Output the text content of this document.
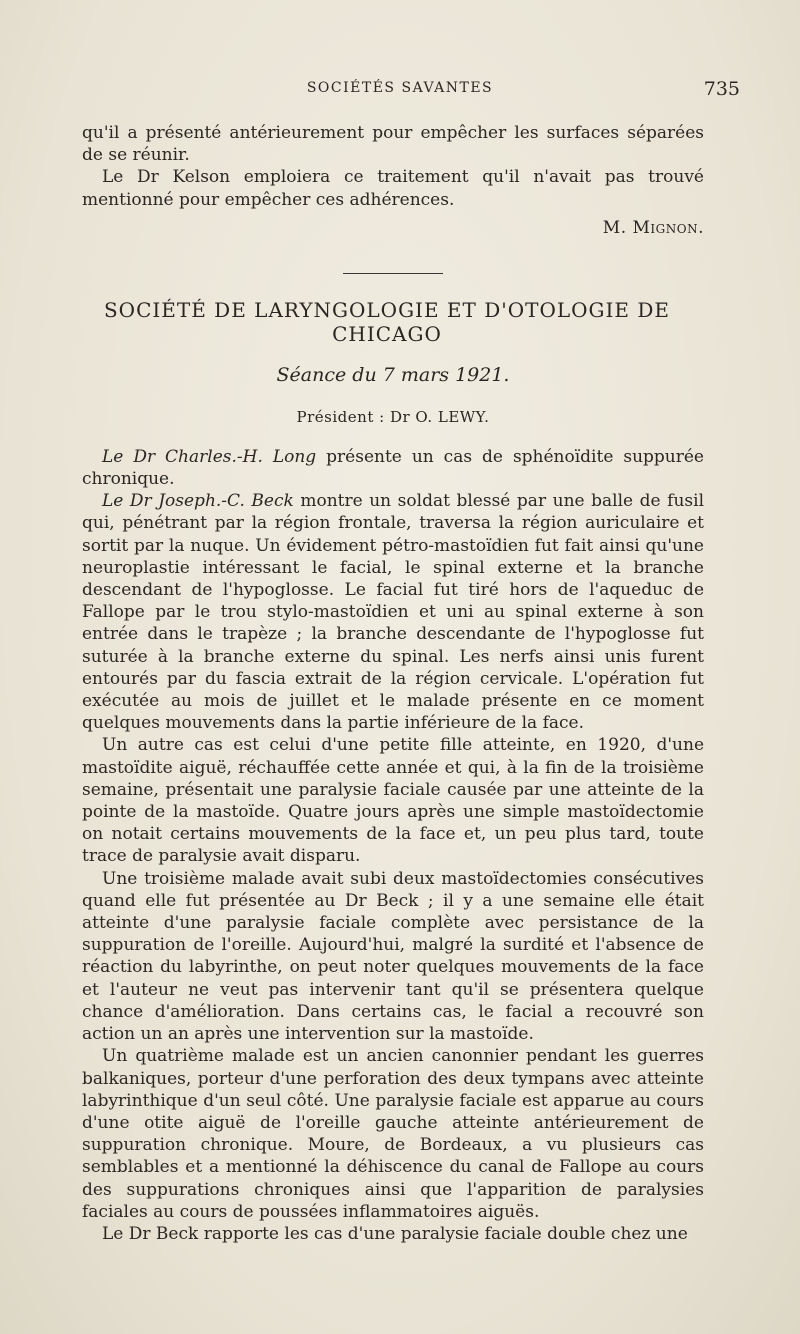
SOCIÉTÉS SAVANTES	735

qu'il a présenté antérieurement pour empêcher les surfaces séparées de se réunir.

Le Dr Kelson emploiera ce traitement qu'il n'avait pas trouvé mentionné pour empêcher ces adhérences.

M. Mignon.
SOCIÉTÉ DE LARYNGOLOGIE ET D'OTOLOGIE DE CHICAGO
Séance du 7 mars 1921.
Président : Dr O. LEWY.

Le Dr Charles.-H. Long présente un cas de sphénoïdite suppurée chronique.

Le Dr Joseph.-C. Beck montre un soldat blessé par une balle de fusil qui, pénétrant par la région frontale, traversa la région auriculaire et sortit par la nuque. Un évidement pétro-mastoïdien fut fait ainsi qu'une neuroplastie intéressant le facial, le spinal externe et la branche descendant de l'hypoglosse. Le facial fut tiré hors de l'aqueduc de Fallope par le trou stylo-mastoïdien et uni au spinal externe à son entrée dans le trapèze ; la branche descendante de l'hypoglosse fut suturée à la branche externe du spinal. Les nerfs ainsi unis furent entourés par du fascia extrait de la région cervicale. L'opération fut exécutée au mois de juillet et le malade présente en ce moment quelques mouvements dans la partie inférieure de la face.

Un autre cas est celui d'une petite fille atteinte, en 1920, d'une mastoïdite aiguë, réchauffée cette année et qui, à la fin de la troisième semaine, présentait une paralysie faciale causée par une atteinte de la pointe de la mastoïde. Quatre jours après une simple mastoïdectomie on notait certains mouvements de la face et, un peu plus tard, toute trace de paralysie avait disparu.

Une troisième malade avait subi deux mastoïdectomies consécutives quand elle fut présentée au Dr Beck ; il y a une semaine elle était atteinte d'une paralysie faciale complète avec persistance de la suppuration de l'oreille. Aujourd'hui, malgré la surdité et l'absence de réaction du labyrinthe, on peut noter quelques mouvements de la face et l'auteur ne veut pas intervenir tant qu'il se présentera quelque chance d'amélioration. Dans certains cas, le facial a recouvré son action un an après une intervention sur la mastoïde.

Un quatrième malade est un ancien canonnier pendant les guerres balkaniques, porteur d'une perforation des deux tympans avec atteinte labyrinthique d'un seul côté. Une paralysie faciale est apparue au cours d'une otite aiguë de l'oreille gauche atteinte antérieurement de suppuration chronique. Moure, de Bordeaux, a vu plusieurs cas semblables et a mentionné la déhiscence du canal de Fallope au cours des suppurations chroniques ainsi que l'apparition de paralysies faciales au cours de poussées inflammatoires aiguës.

Le Dr Beck rapporte les cas d'une paralysie faciale double chez une
